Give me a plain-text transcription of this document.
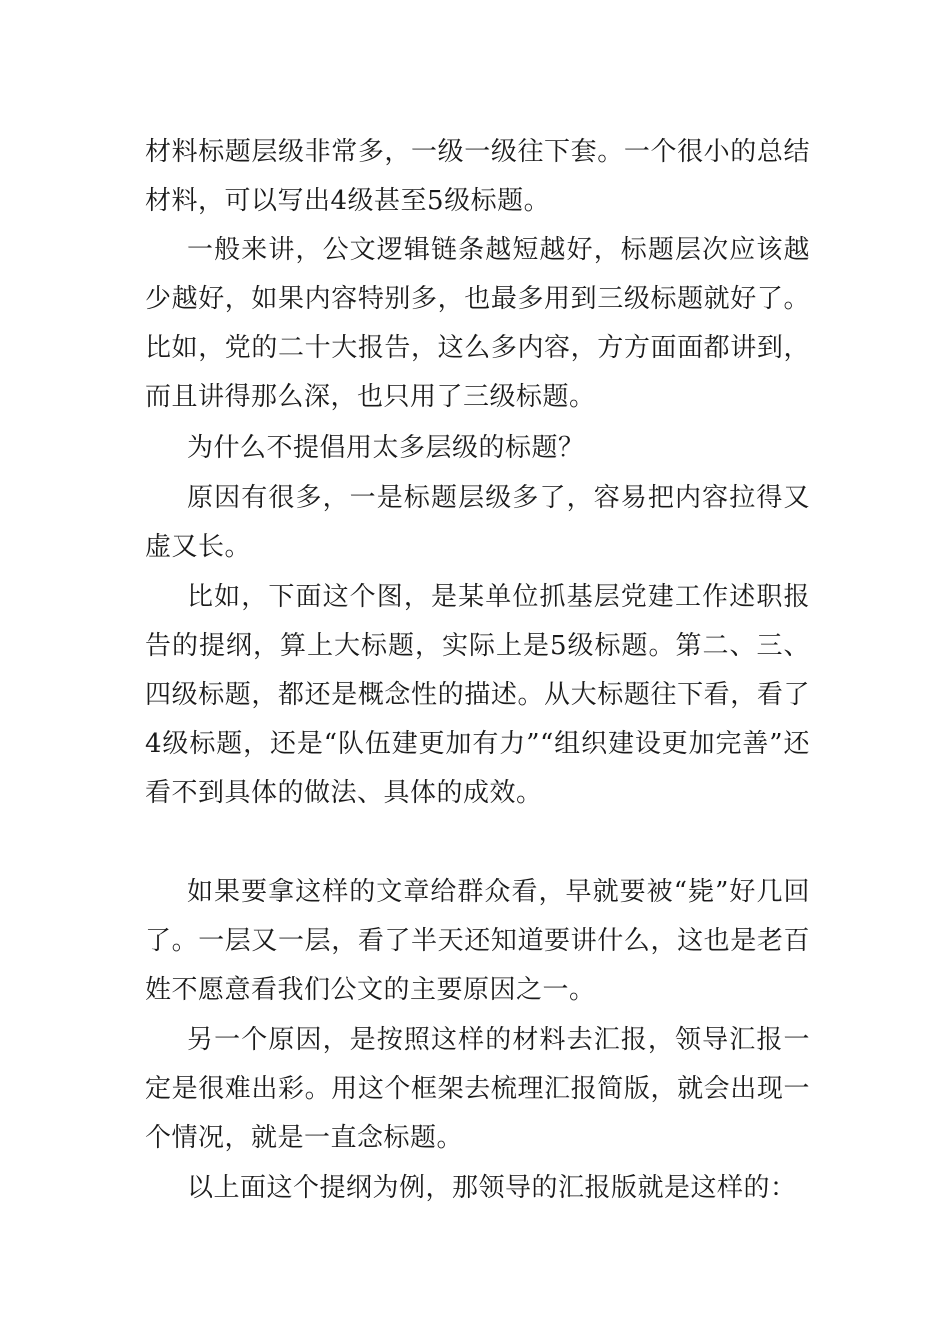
材料标题层级非常多，一级一级往下套。一个很小的总结材料，可以写出4级甚至5级标题。

一般来讲，公文逻辑链条越短越好，标题层次应该越少越好，如果内容特别多，也最多用到三级标题就好了。比如，党的二十大报告，这么多内容，方方面面都讲到，而且讲得那么深，也只用了三级标题。

为什么不提倡用太多层级的标题？

原因有很多，一是标题层级多了，容易把内容拉得又虚又长。

比如，下面这个图，是某单位抓基层党建工作述职报告的提纲，算上大标题，实际上是5级标题。第二、三、四级标题，都还是概念性的描述。从大标题往下看，看了4级标题，还是“队伍建更加有力”“组织建设更加完善”还看不到具体的做法、具体的成效。

如果要拿这样的文章给群众看，早就要被“毙”好几回了。一层又一层，看了半天还知道要讲什么，这也是老百姓不愿意看我们公文的主要原因之一。

另一个原因，是按照这样的材料去汇报，领导汇报一定是很难出彩。用这个框架去梳理汇报简版，就会出现一个情况，就是一直念标题。

以上面这个提纲为例，那领导的汇报版就是这样的：
